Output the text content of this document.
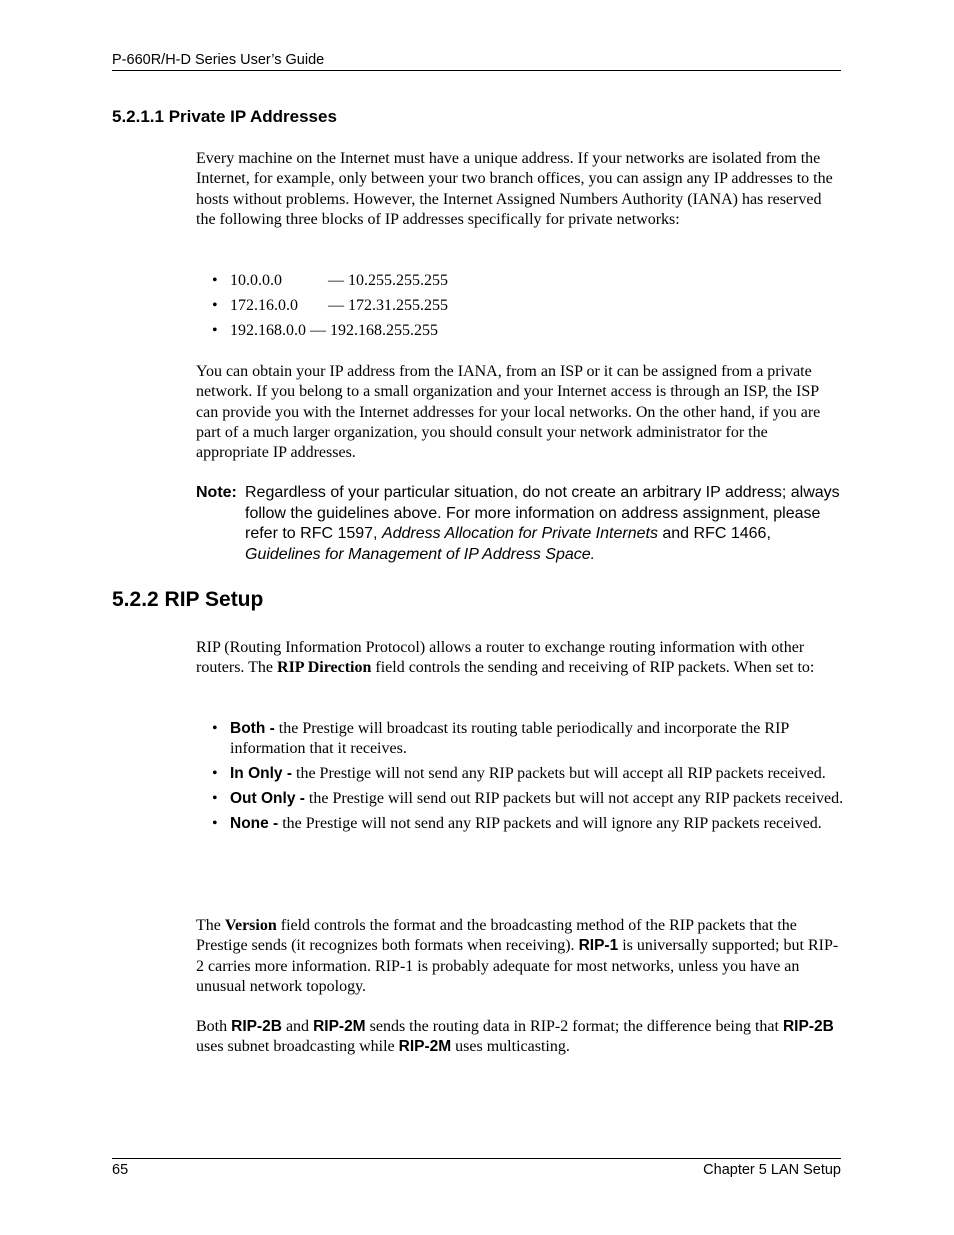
P-660R/H-D Series User’s Guide
5.2.1.1 Private IP Addresses

Every machine on the Internet must have a unique address. If your networks are isolated from the Internet, for example, only between your two branch offices, you can assign any IP addresses to the hosts without problems. However, the Internet Assigned Numbers Authority (IANA) has reserved the following three blocks of IP addresses specifically for private networks:

• 10.0.0.0	— 10.255.255.255
• 172.16.0.0 — 172.31.255.255
• 192.168.0.0 — 192.168.255.255

You can obtain your IP address from the IANA, from an ISP or it can be assigned from a private network. If you belong to a small organization and your Internet access is through an ISP, the ISP can provide you with the Internet addresses for your local networks. On the other hand, if you are part of a much larger organization, you should consult your network administrator for the appropriate IP addresses.

Note: Regardless of your particular situation, do not create an arbitrary IP address; always follow the guidelines above. For more information on address assignment, please refer to RFC 1597, Address Allocation for Private Internets and RFC 1466, Guidelines for Management of IP Address Space.
5.2.2 RIP Setup

RIP (Routing Information Protocol) allows a router to exchange routing information with other routers. The RIP Direction field controls the sending and receiving of RIP packets. When set to:

• Both - the Prestige will broadcast its routing table periodically and incorporate the RIP information that it receives.
• In Only - the Prestige will not send any RIP packets but will accept all RIP packets received.
• Out Only - the Prestige will send out RIP packets but will not accept any RIP packets received.
• None - the Prestige will not send any RIP packets and will ignore any RIP packets received.

The Version field controls the format and the broadcasting method of the RIP packets that the Prestige sends (it recognizes both formats when receiving). RIP-1 is universally supported; but RIP-2 carries more information. RIP-1 is probably adequate for most networks, unless you have an unusual network topology.

Both RIP-2B and RIP-2M sends the routing data in RIP-2 format; the difference being that RIP-2B uses subnet broadcasting while RIP-2M uses multicasting.

65	Chapter 5 LAN Setup
